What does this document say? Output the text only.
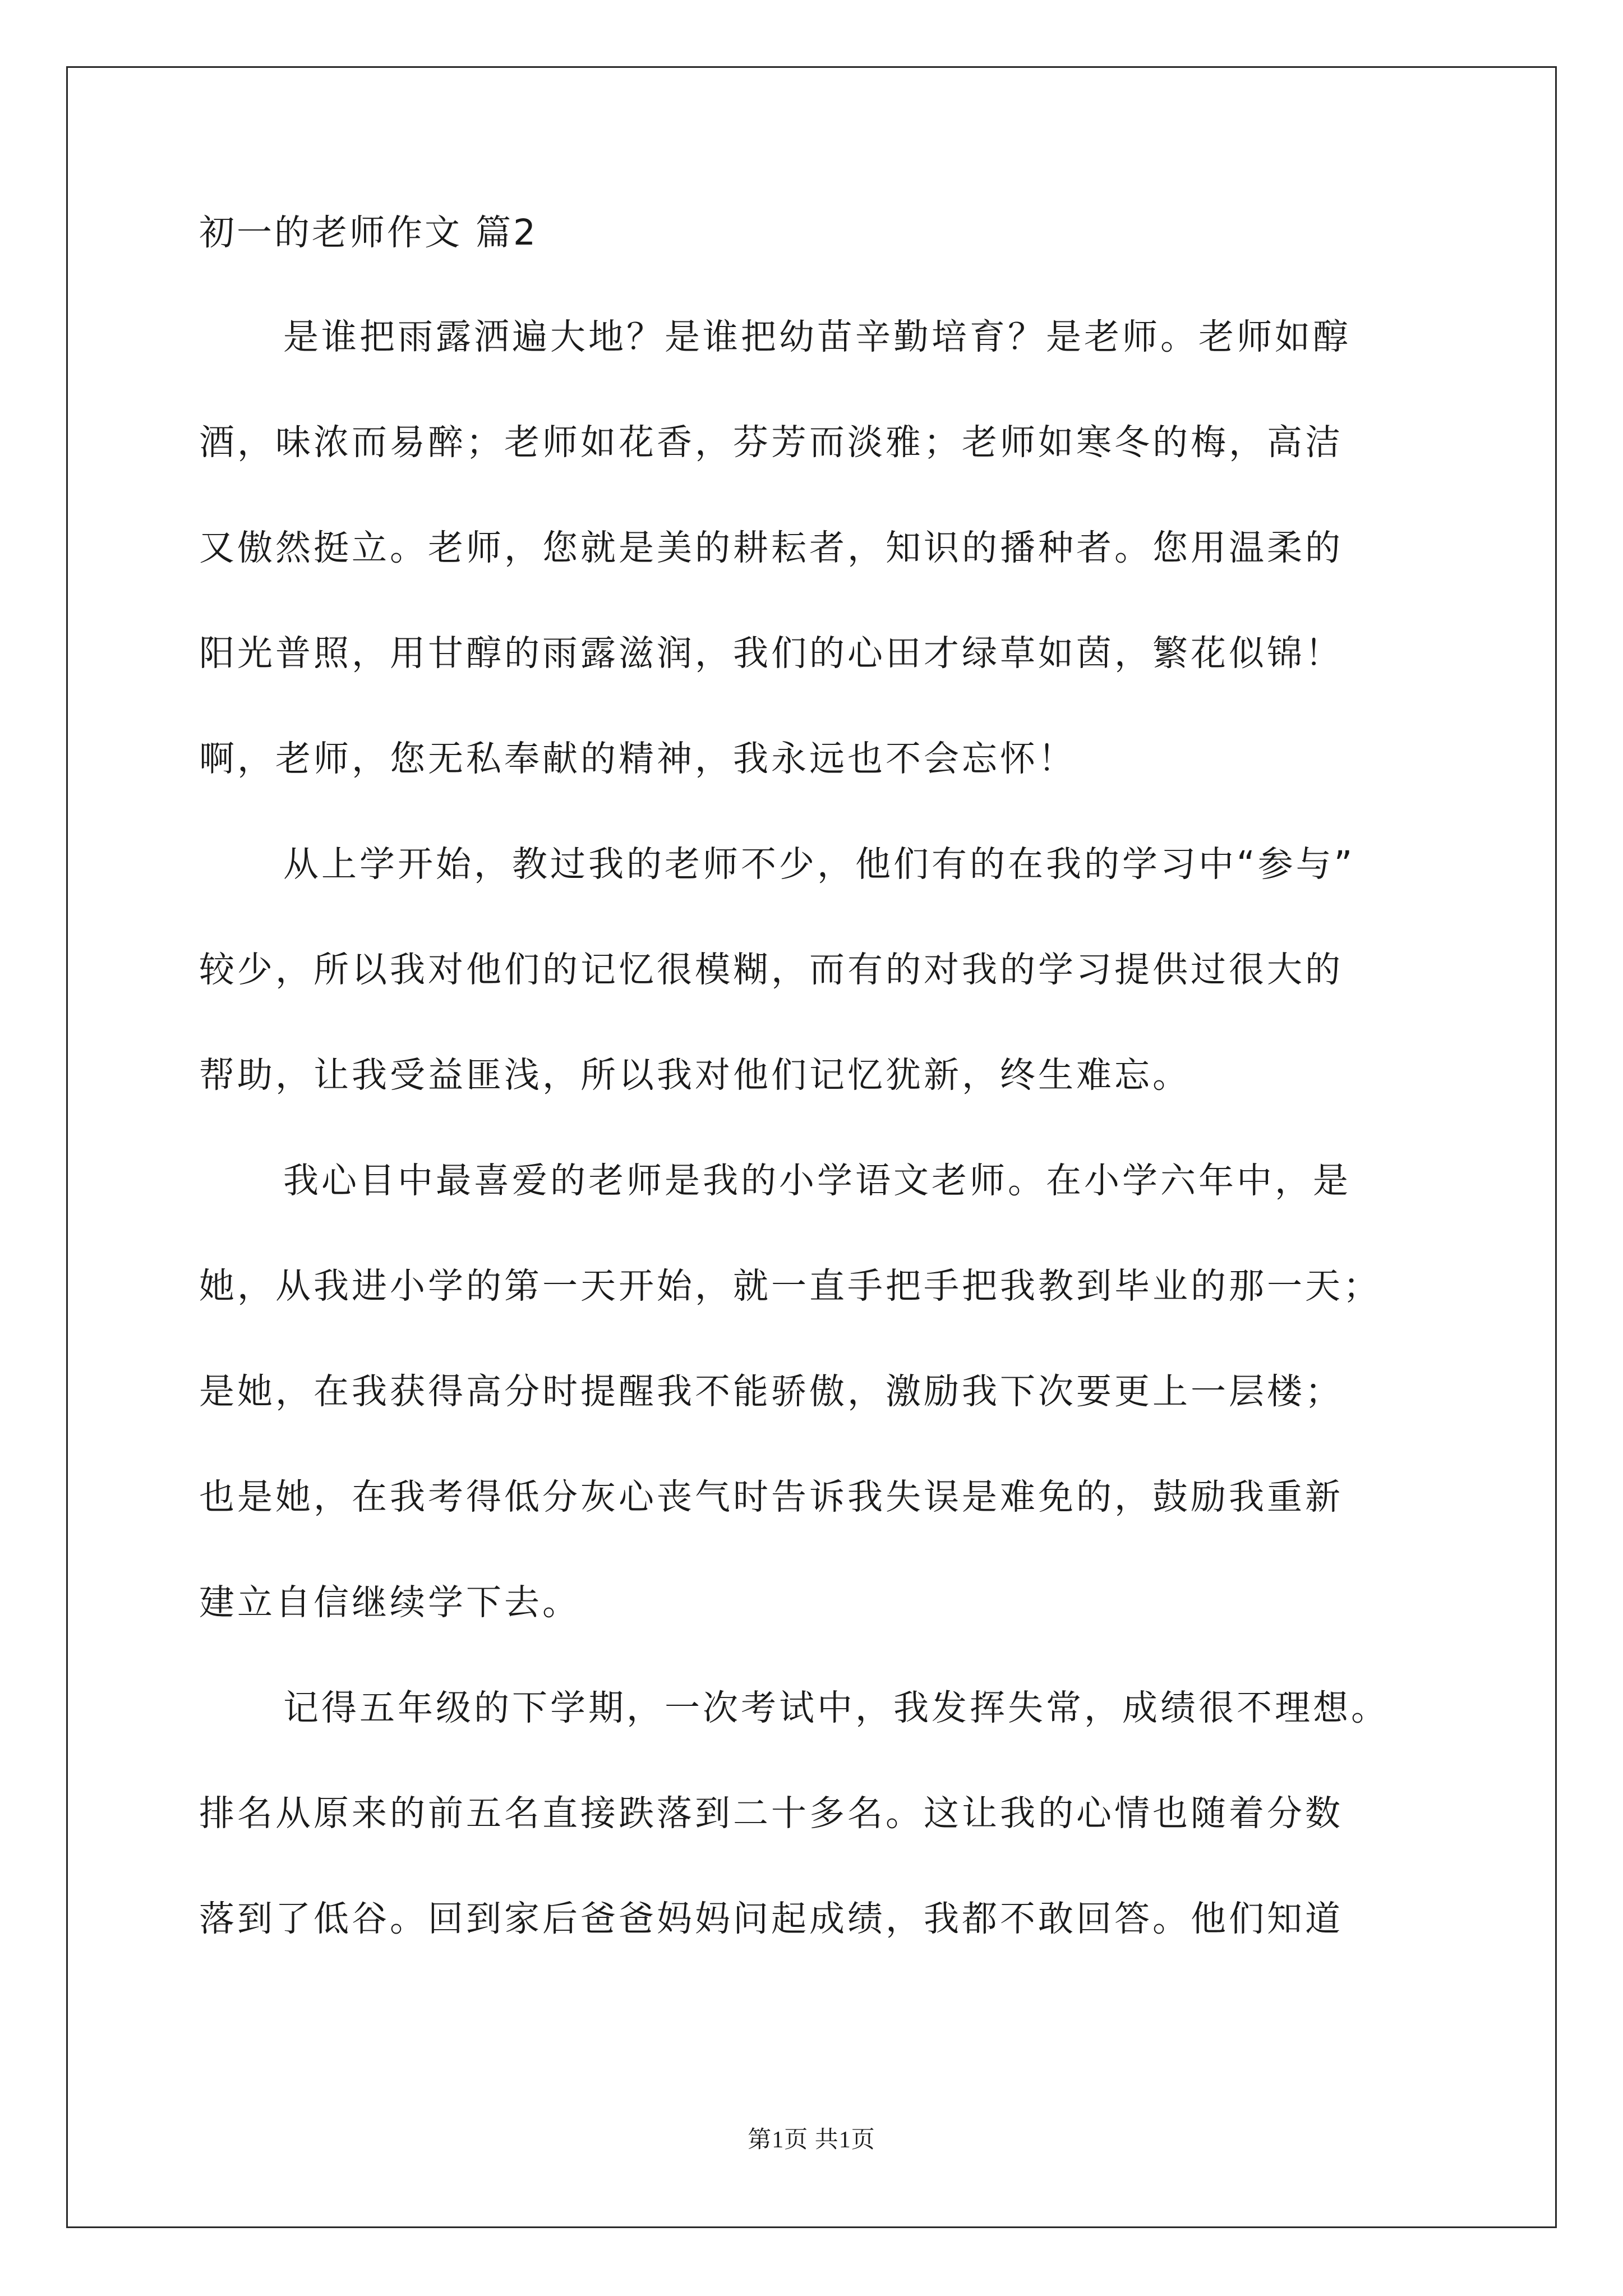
初一的老师作文 篇2
是谁把雨露洒遍大地？是谁把幼苗辛勤培育？是老师。老师如醇
酒，味浓而易醉；老师如花香，芬芳而淡雅；老师如寒冬的梅，高洁
又傲然挺立。老师，您就是美的耕耘者，知识的播种者。您用温柔的
阳光普照，用甘醇的雨露滋润，我们的心田才绿草如茵，繁花似锦！
啊，老师，您无私奉献的精神，我永远也不会忘怀！
从上学开始，教过我的老师不少，他们有的在我的学习中“参与”
较少，所以我对他们的记忆很模糊，而有的对我的学习提供过很大的
帮助，让我受益匪浅，所以我对他们记忆犹新，终生难忘。
我心目中最喜爱的老师是我的小学语文老师。在小学六年中，是
她，从我进小学的第一天开始，就一直手把手把我教到毕业的那一天；
是她，在我获得高分时提醒我不能骄傲，激励我下次要更上一层楼；
也是她，在我考得低分灰心丧气时告诉我失误是难免的，鼓励我重新
建立自信继续学下去。
记得五年级的下学期，一次考试中，我发挥失常，成绩很不理想。
排名从原来的前五名直接跌落到二十多名。这让我的心情也随着分数
落到了低谷。回到家后爸爸妈妈问起成绩，我都不敢回答。他们知道
第1页 共1页
